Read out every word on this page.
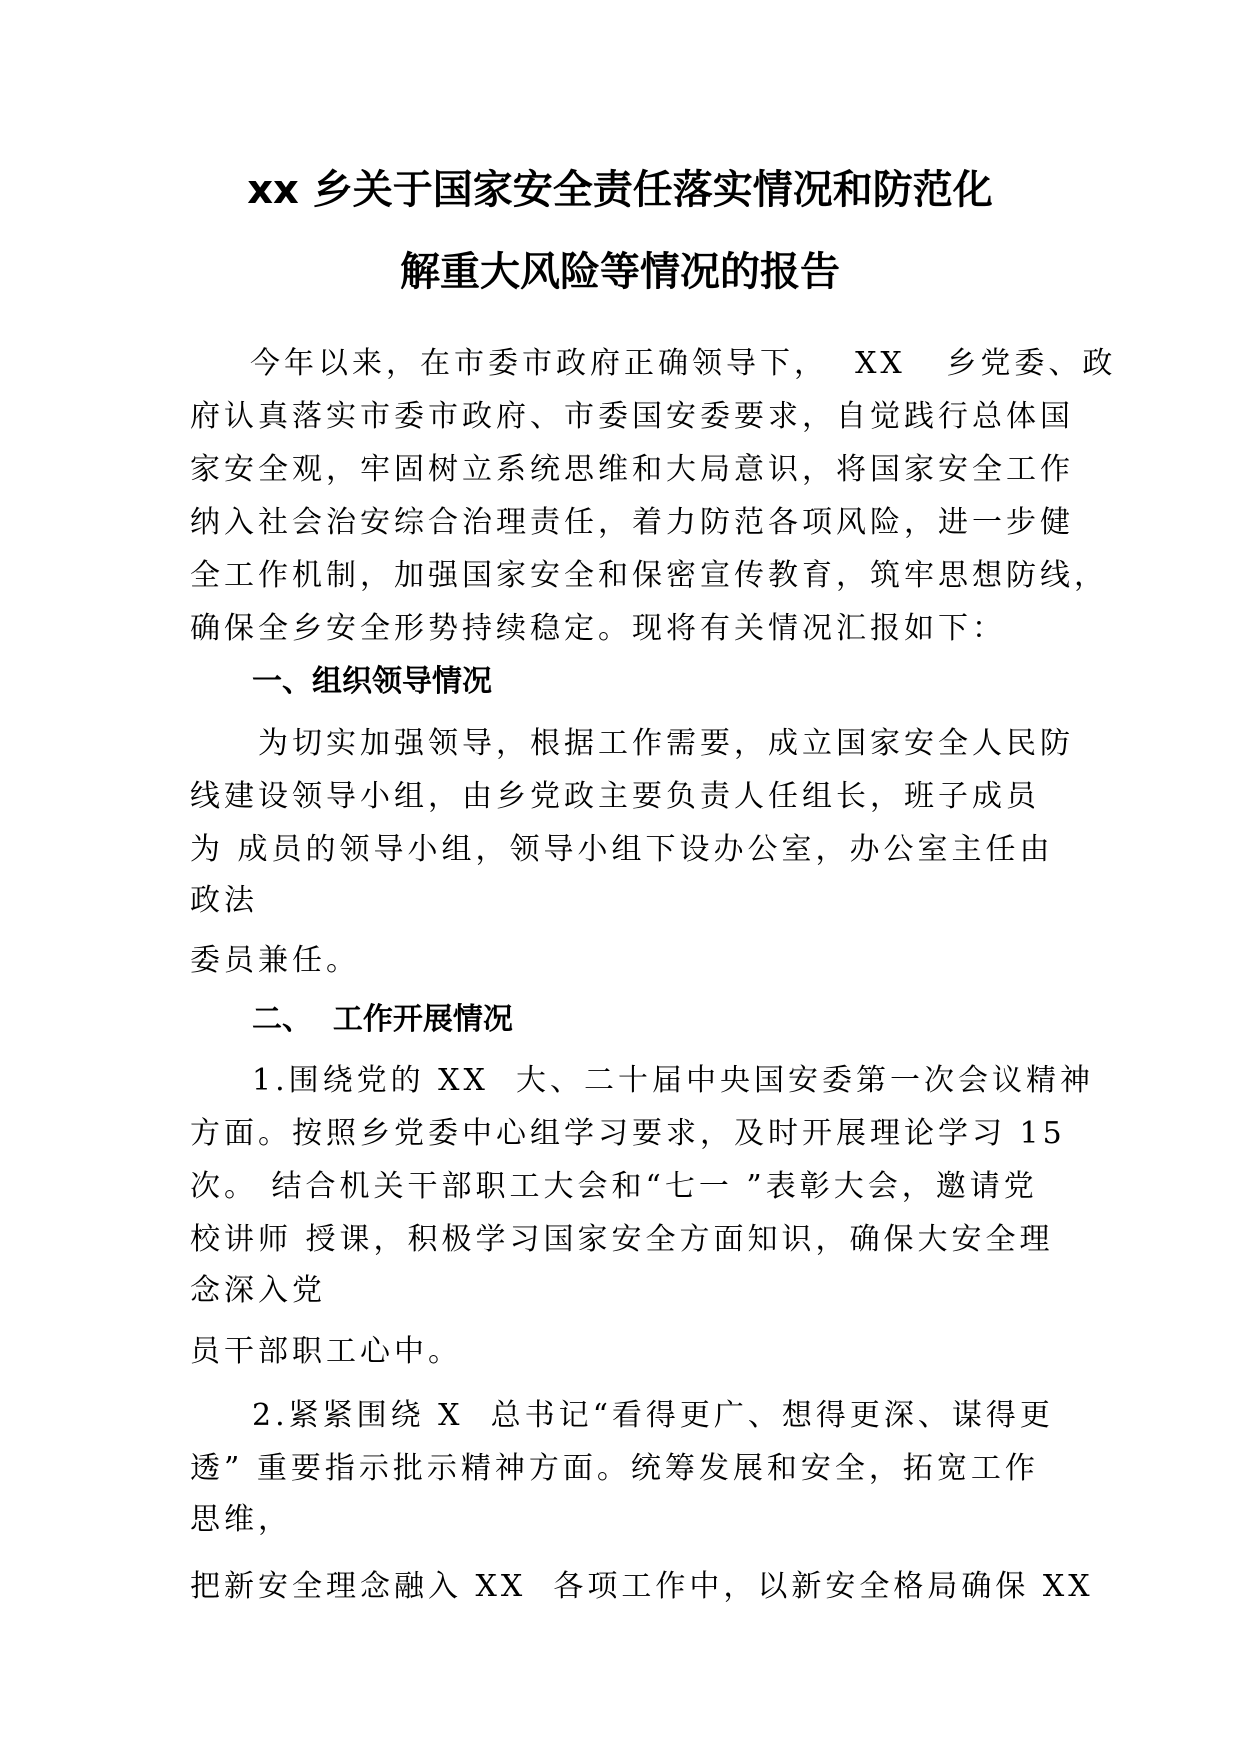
xx 乡关于国家安全责任落实情况和防范化
解重大风险等情况的报告
今年以来，在市委市政府正确领导下，  XX   乡党委、政
府认真落实市委市政府、市委国安委要求，自觉践行总体国
家安全观，牢固树立系统思维和大局意识，将国家安全工作
纳入社会治安综合治理责任，着力防范各项风险，进一步健
全工作机制，加强国家安全和保密宣传教育，筑牢思想防线，
确保全乡安全形势持续稳定。现将有关情况汇报如下：
一、组织领导情况
为切实加强领导，根据工作需要，成立国家安全人民防
线建设领导小组，由乡党政主要负责人任组长，班子成员
为 成员的领导小组，领导小组下设办公室，办公室主任由
政法
委员兼任。
二、  工作开展情况
1.围绕党的 XX  大、二十届中央国安委第一次会议精神
方面。按照乡党委中心组学习要求，及时开展理论学习 15
次。 结合机关干部职工大会和“七一 ”表彰大会，邀请党
校讲师 授课，积极学习国家安全方面知识，确保大安全理
念深入党
员干部职工心中。
2.紧紧围绕 X  总书记“看得更广、想得更深、谋得更
透” 重要指示批示精神方面。统筹发展和安全，拓宽工作
思维，
把新安全理念融入 XX  各项工作中，以新安全格局确保 XX
